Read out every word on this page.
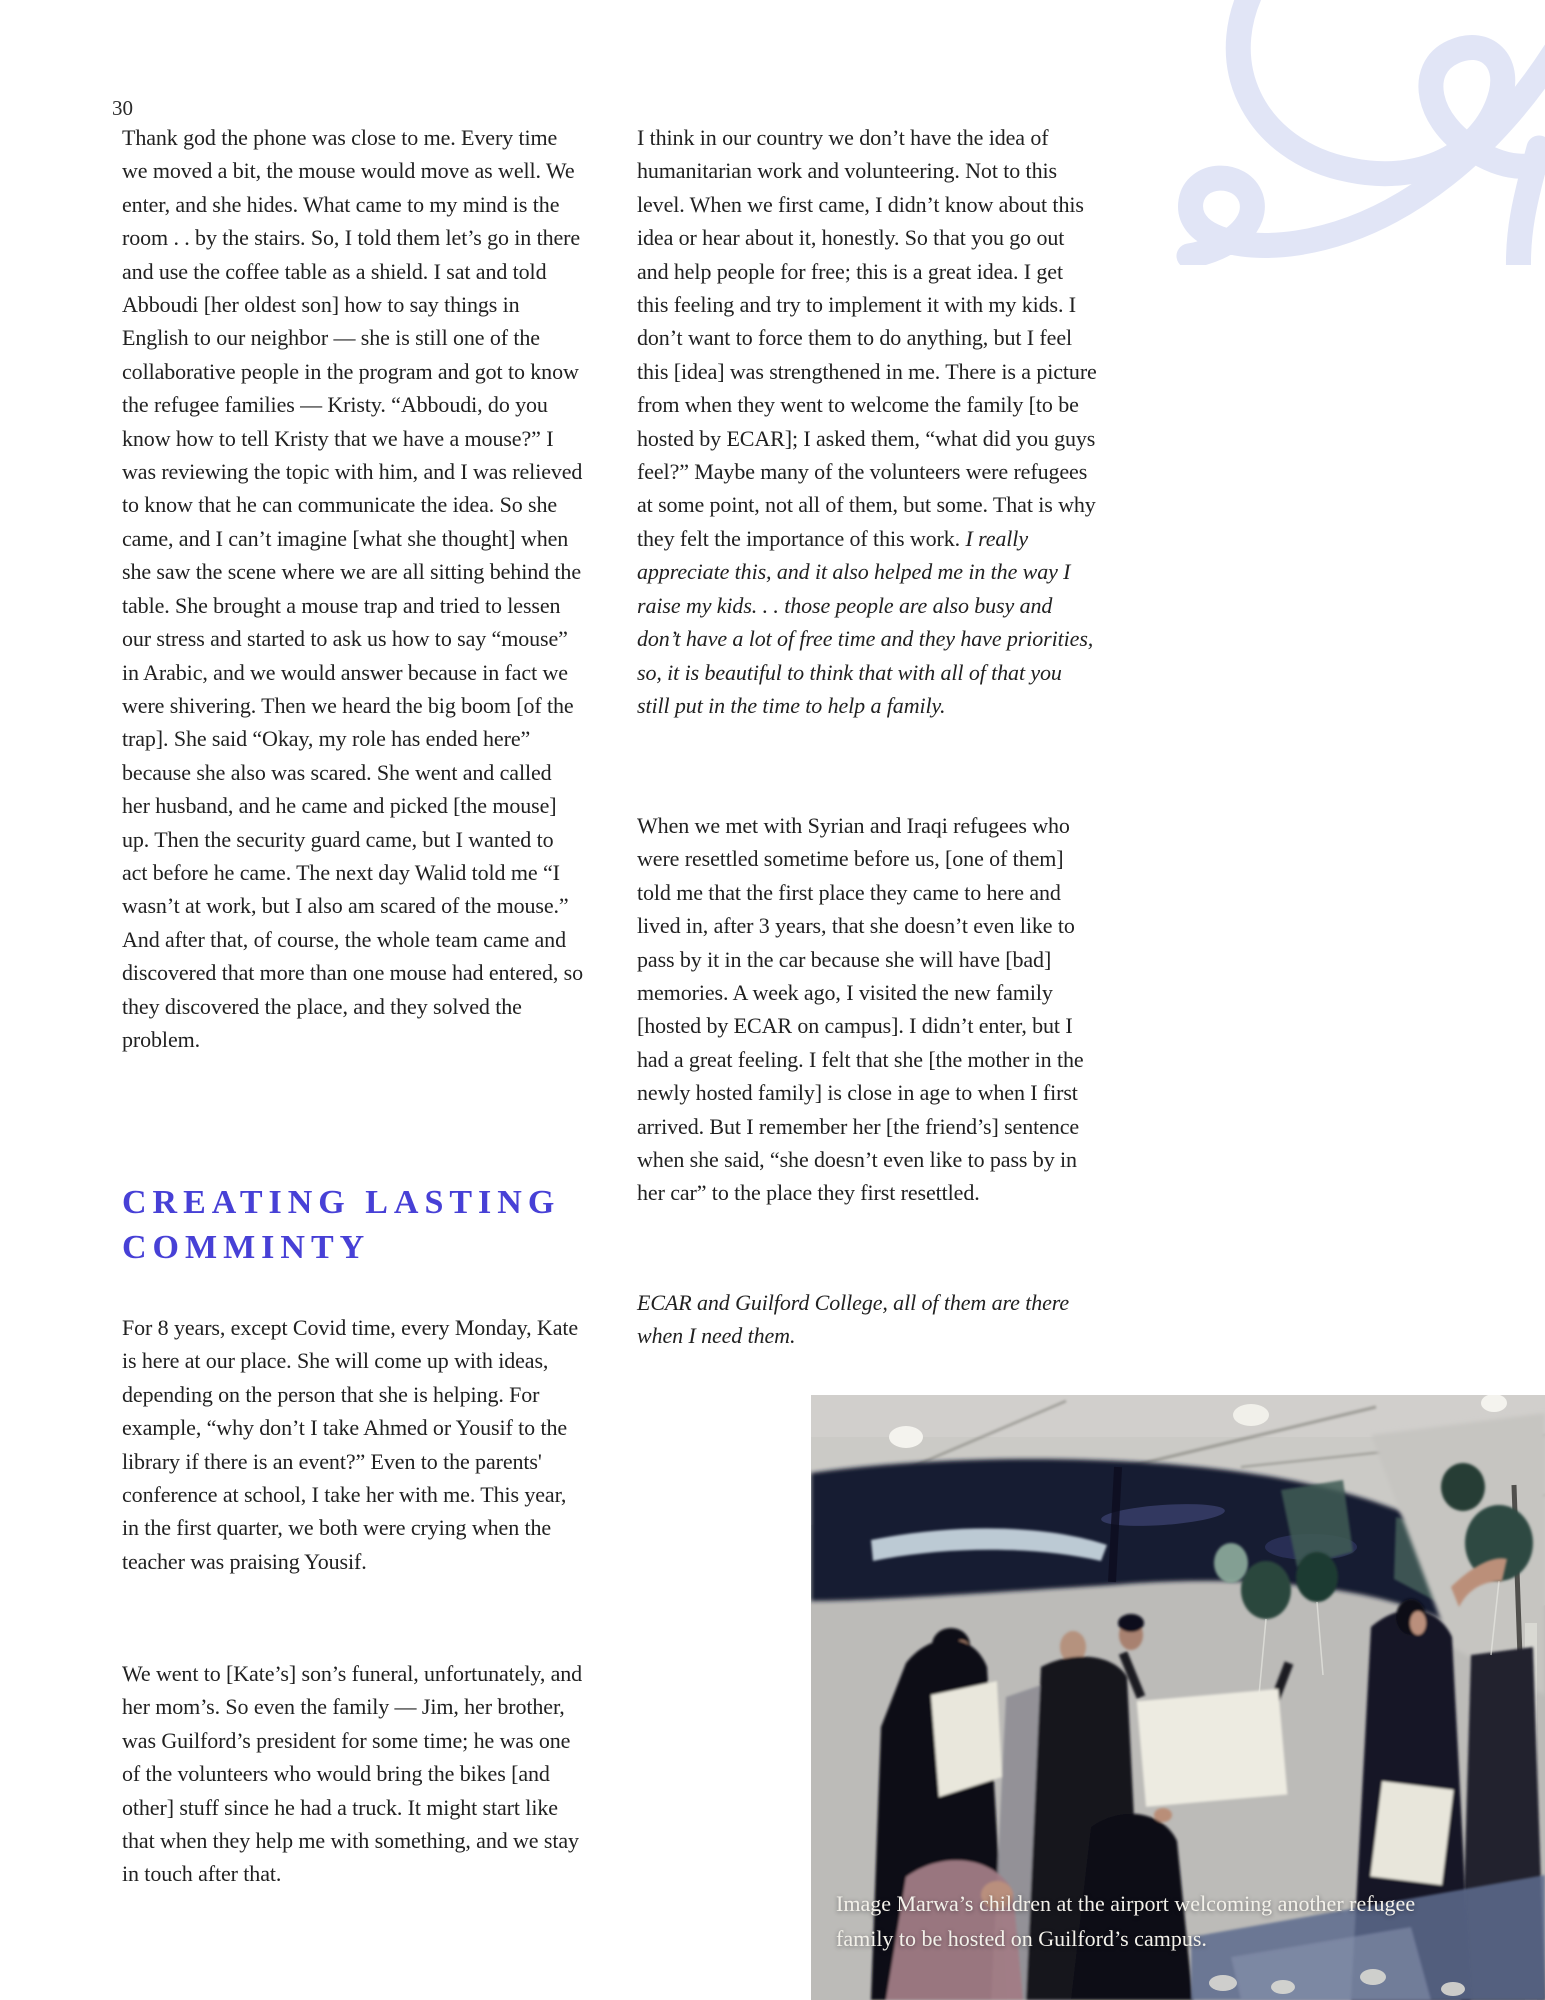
30

Thank god the phone was close to me. Every time we moved a bit, the mouse would move as well. We enter, and she hides. What came to my mind is the room . . by the stairs. So, I told them let’s go in there and use the coffee table as a shield. I sat and told Abboudi [her oldest son] how to say things in English to our neighbor — she is still one of the collaborative people in the program and got to know the refugee families — Kristy. “Abboudi, do you know how to tell Kristy that we have a mouse?” I was reviewing the topic with him, and I was relieved to know that he can communicate the idea. So she came, and I can’t imagine [what she thought] when she saw the scene where we are all sitting behind the table. She brought a mouse trap and tried to lessen our stress and started to ask us how to say “mouse” in Arabic, and we would answer because in fact we were shivering. Then we heard the big boom [of the trap]. She said “Okay, my role has ended here” because she also was scared. She went and called her husband, and he came and picked [the mouse] up. Then the security guard came, but I wanted to act before he came. The next day Walid told me “I wasn’t at work, but I also am scared of the mouse.” And after that, of course, the whole team came and discovered that more than one mouse had entered, so they discovered the place, and they solved the problem.

CREATING LASTING
COMMINTY

For 8 years, except Covid time, every Monday, Kate is here at our place. She will come up with ideas, depending on the person that she is helping. For example, “why don’t I take Ahmed or Yousif to the library if there is an event?” Even to the parents' conference at school, I take her with me. This year, in the first quarter, we both were crying when the teacher was praising Yousif.

We went to [Kate’s] son’s funeral, unfortunately, and her mom’s. So even the family — Jim, her brother, was Guilford’s president for some time; he was one of the volunteers who would bring the bikes [and other] stuff since he had a truck. It might start like that when they help me with something, and we stay in touch after that.

I think in our country we don’t have the idea of humanitarian work and volunteering. Not to this level. When we first came, I didn’t know about this idea or hear about it, honestly. So that you go out and help people for free; this is a great idea. I get this feeling and try to implement it with my kids. I don’t want to force them to do anything, but I feel this [idea] was strengthened in me. There is a picture from when they went to welcome the family [to be hosted by ECAR]; I asked them, “what did you guys feel?” Maybe many of the volunteers were refugees at some point, not all of them, but some. That is why they felt the importance of this work. I really appreciate this, and it also helped me in the way I raise my kids. . . those people are also busy and don’t have a lot of free time and they have priorities, so, it is beautiful to think that with all of that you still put in the time to help a family.

When we met with Syrian and Iraqi refugees who were resettled sometime before us, [one of them] told me that the first place they came to here and lived in, after 3 years, that she doesn’t even like to pass by it in the car because she will have [bad] memories. A week ago, I visited the new family [hosted by ECAR on campus]. I didn’t enter, but I had a great feeling. I felt that she [the mother in the newly hosted family] is close in age to when I first arrived. But I remember her [the friend’s] sentence when she said, “she doesn’t even like to pass by in her car” to the place they first resettled.

ECAR and Guilford College, all of them are there when I need them.

Image Marwa’s children at the airport welcoming another refugee family to be hosted on Guilford’s campus.
